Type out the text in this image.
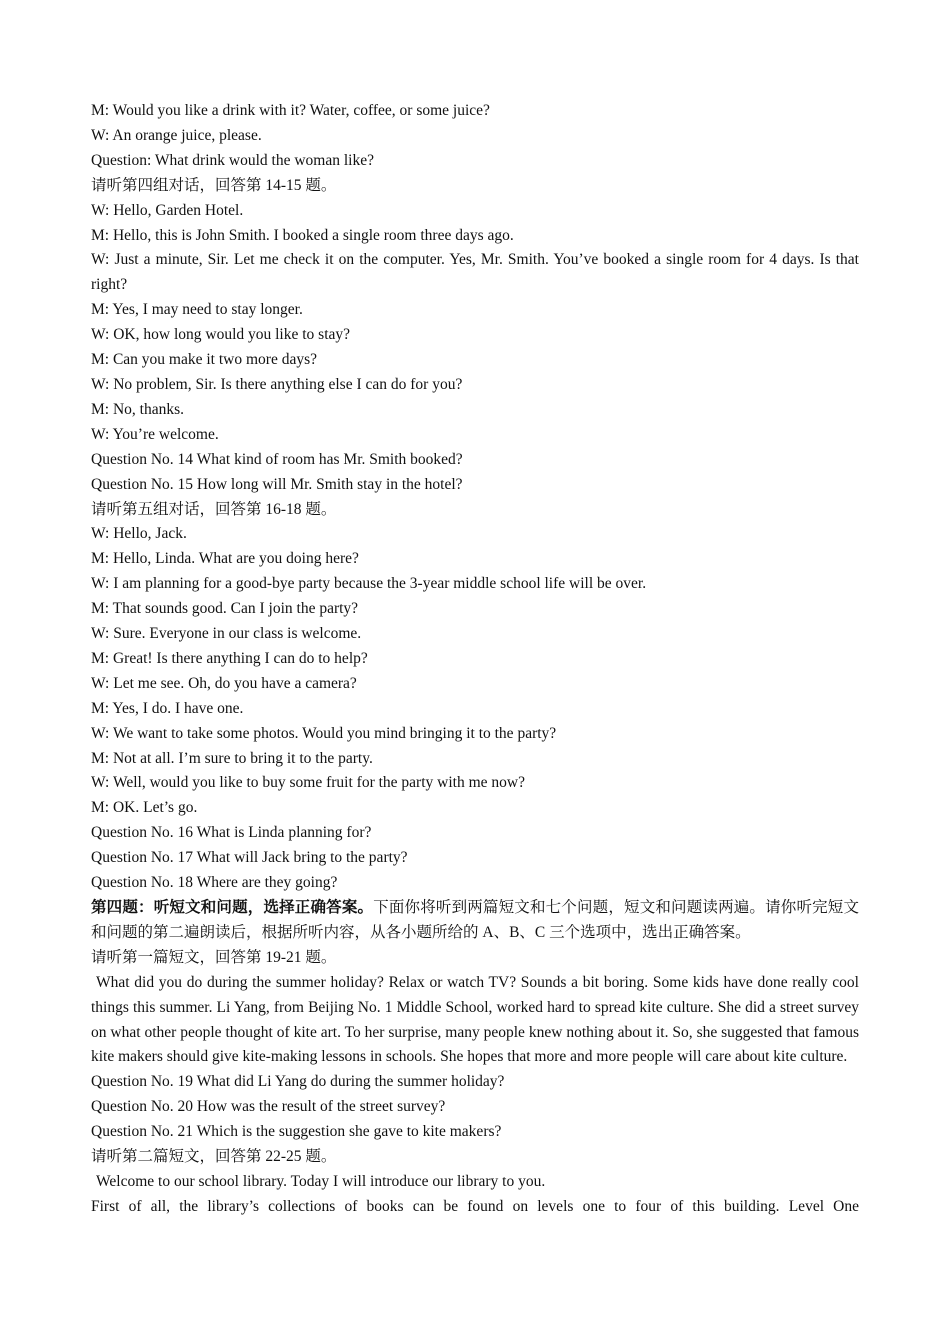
M: Would you like a drink with it? Water, coffee, or some juice?

W: An orange juice, please.

Question: What drink would the woman like?

请听第四组对话，回答第 14-15 题。

W: Hello, Garden Hotel.

M: Hello, this is John Smith. I booked a single room three days ago.

W: Just a minute, Sir. Let me check it on the computer. Yes, Mr. Smith. You’ve booked a single room for 4 days. Is that right?

M: Yes, I may need to stay longer.

W: OK, how long would you like to stay?

M: Can you make it two more days?

W: No problem, Sir. Is there anything else I can do for you?

M: No, thanks.

W: You’re welcome.

Question No. 14 What kind of room has Mr. Smith booked?

Question No. 15 How long will Mr. Smith stay in the hotel?

请听第五组对话，回答第 16-18 题。

W: Hello, Jack.

M: Hello, Linda. What are you doing here?

W: I am planning for a good-bye party because the 3-year middle school life will be over.

M: That sounds good. Can I join the party?

W: Sure. Everyone in our class is welcome.

M: Great! Is there anything I can do to help?

W: Let me see. Oh, do you have a camera?

M: Yes, I do. I have one.

W: We want to take some photos. Would you mind bringing it to the party?

M: Not at all. I’m sure to bring it to the party.

W: Well, would you like to buy some fruit for the party with me now?

M: OK. Let’s go.

Question No. 16 What is Linda planning for?

Question No. 17 What will Jack bring to the party?

Question No. 18 Where are they going?

第四题：听短文和问题，选择正确答案。下面你将听到两篇短文和七个问题，短文和问题读两遍。请你听完短文和问题的第二遍朗读后，根据所听内容，从各小题所给的 A、B、C 三个选项中，选出正确答案。

请听第一篇短文，回答第 19-21 题。

What did you do during the summer holiday? Relax or watch TV? Sounds a bit boring. Some kids have done really cool things this summer. Li Yang, from Beijing No. 1 Middle School, worked hard to spread kite culture. She did a street survey on what other people thought of kite art. To her surprise, many people knew nothing about it. So, she suggested that famous kite makers should give kite-making lessons in schools. She hopes that more and more people will care about kite culture.

Question No. 19 What did Li Yang do during the summer holiday?

Question No. 20 How was the result of the street survey?

Question No. 21 Which is the suggestion she gave to kite makers?

请听第二篇短文，回答第 22-25 题。

Welcome to our school library. Today I will introduce our library to you.

First of all, the library’s collections of books can be found on levels one to four of this building. Level One
